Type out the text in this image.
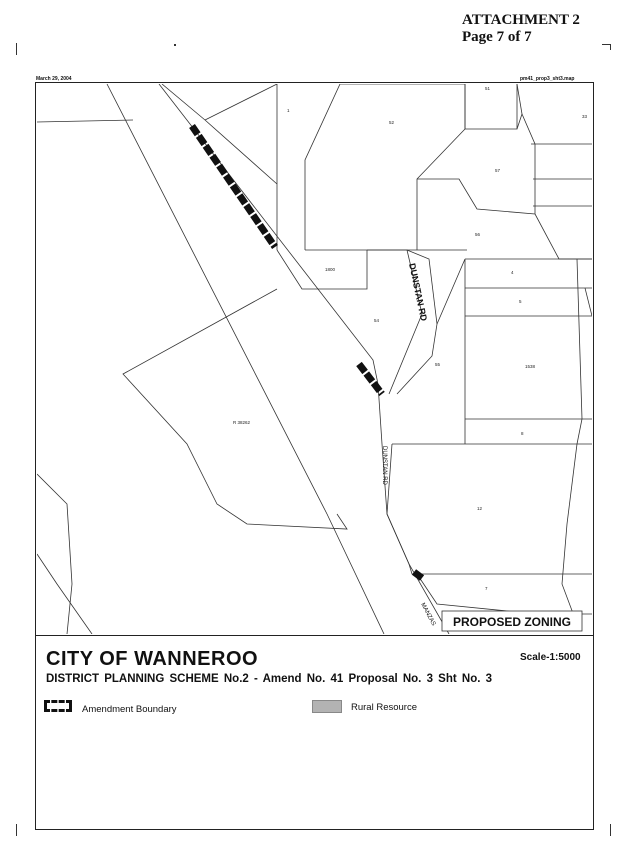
ATTACHMENT 2
Page 7 of 7
March 29, 2004	pm41_prop3_sht3.map
1
52
51
33
57
56
1800
4
5
54
55	1538
R 38262
8
12
7
DUNSTAN RD
DUNSTAN RD
MANZAS PROPOSED ZONING
CITY OF WANNEROO	Scale-1:5000
DISTRICT PLANNING SCHEME No.2 - Amend No. 41 Proposal No. 3 Sht No. 3
Amendment Boundary	Rural Resource
